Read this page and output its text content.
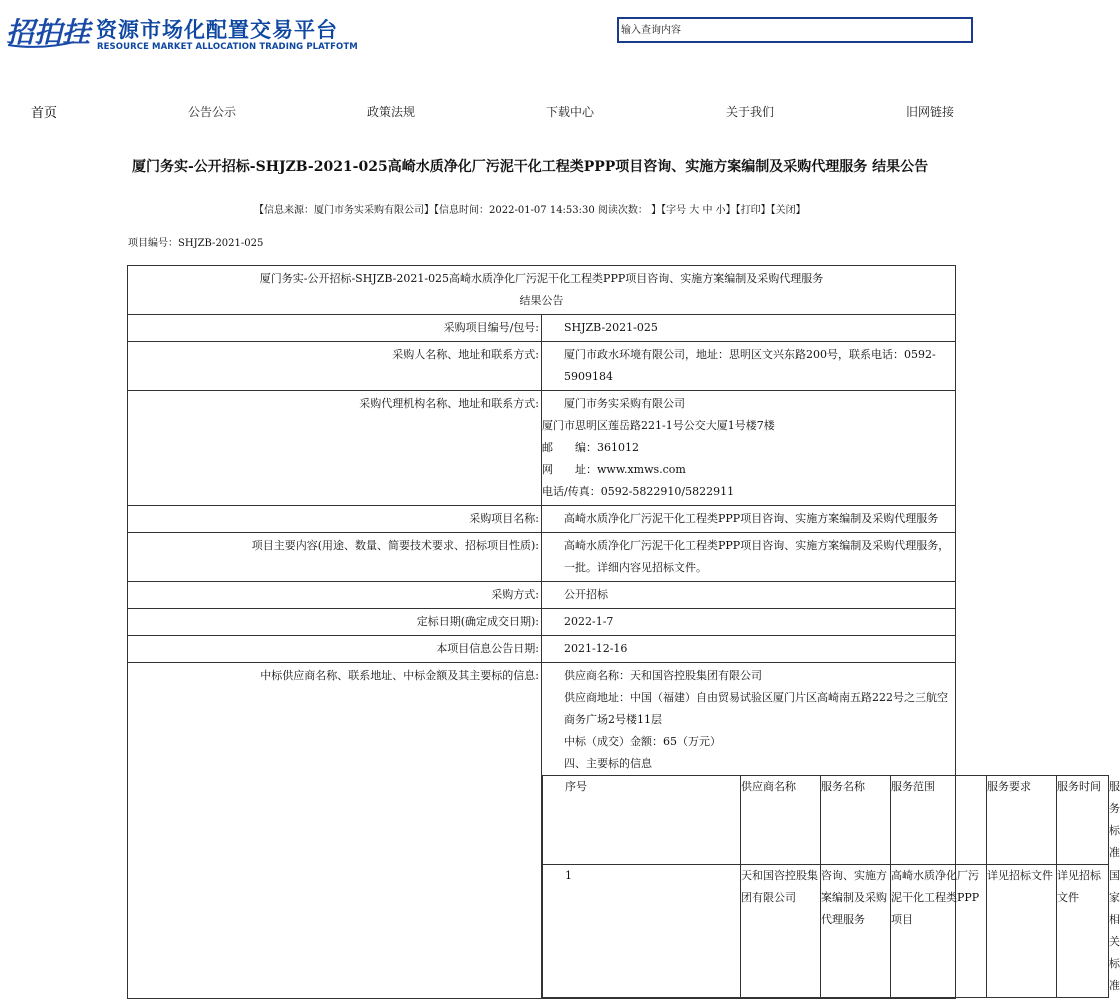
招拍挂 资源市场化配置交易平台
RESOURCE MARKET ALLOCATION TRADING PLATFOTM
输入查询内容
首页	公告公示	政策法规	下载中心	关于我们	旧网链接
厦门务实-公开招标-SHJZB-2021-025高崎水质净化厂污泥干化工程类PPP项目咨询、实施方案编制及采购代理服务 结果公告
【信息来源：厦门市务实采购有限公司】【信息时间：2022-01-07 14:53:30 阅读次数： 】【字号 大 中 小】【打印】【关闭】
项目编号：SHJZB-2021-025
厦门务实-公开招标-SHJZB-2021-025高崎水质净化厂污泥干化工程类PPP项目咨询、实施方案编制及采购代理服务
结果公告

采购项目编号/包号:	SHJZB-2021-025
采购人名称、地址和联系方式:	厦门市政水环境有限公司，地址：思明区文兴东路200号，联系电话：0592-5909184
采购代理机构名称、地址和联系方式:	厦门市务实采购有限公司
厦门市思明区莲岳路221-1号公交大厦1号楼7楼
邮　　编：361012
网　　址：www.xmws.com
电话/传真：0592-5822910/5822911

采购项目名称:	高崎水质净化厂污泥干化工程类PPP项目咨询、实施方案编制及采购代理服务
项目主要内容(用途、数量、简要技术要求、招标项目性质):	高崎水质净化厂污泥干化工程类PPP项目咨询、实施方案编制及采购代理服务，一批。详细内容见招标文件。
采购方式:	公开招标
定标日期(确定成交日期):	2022-1-7
本项目信息公告日期:	2021-12-16
中标供应商名称、联系地址、中标金额及其主要标的信息:	供应商名称：天和国咨控股集团有限公司
供应商地址：中国（福建）自由贸易试验区厦门片区高崎南五路222号之三航空商务广场2号楼11层
中标（成交）金额：65（万元）
四、主要标的信息
序号	供应商名称	服务名称	服务范围	服务要求	服务时间	服务标准
1	天和国咨控股集团有限公司	咨询、实施方案编制及采购代理服务	高崎水质净化厂污泥干化工程类PPP项目	详见招标文件	详见招标文件	国家相关标准
